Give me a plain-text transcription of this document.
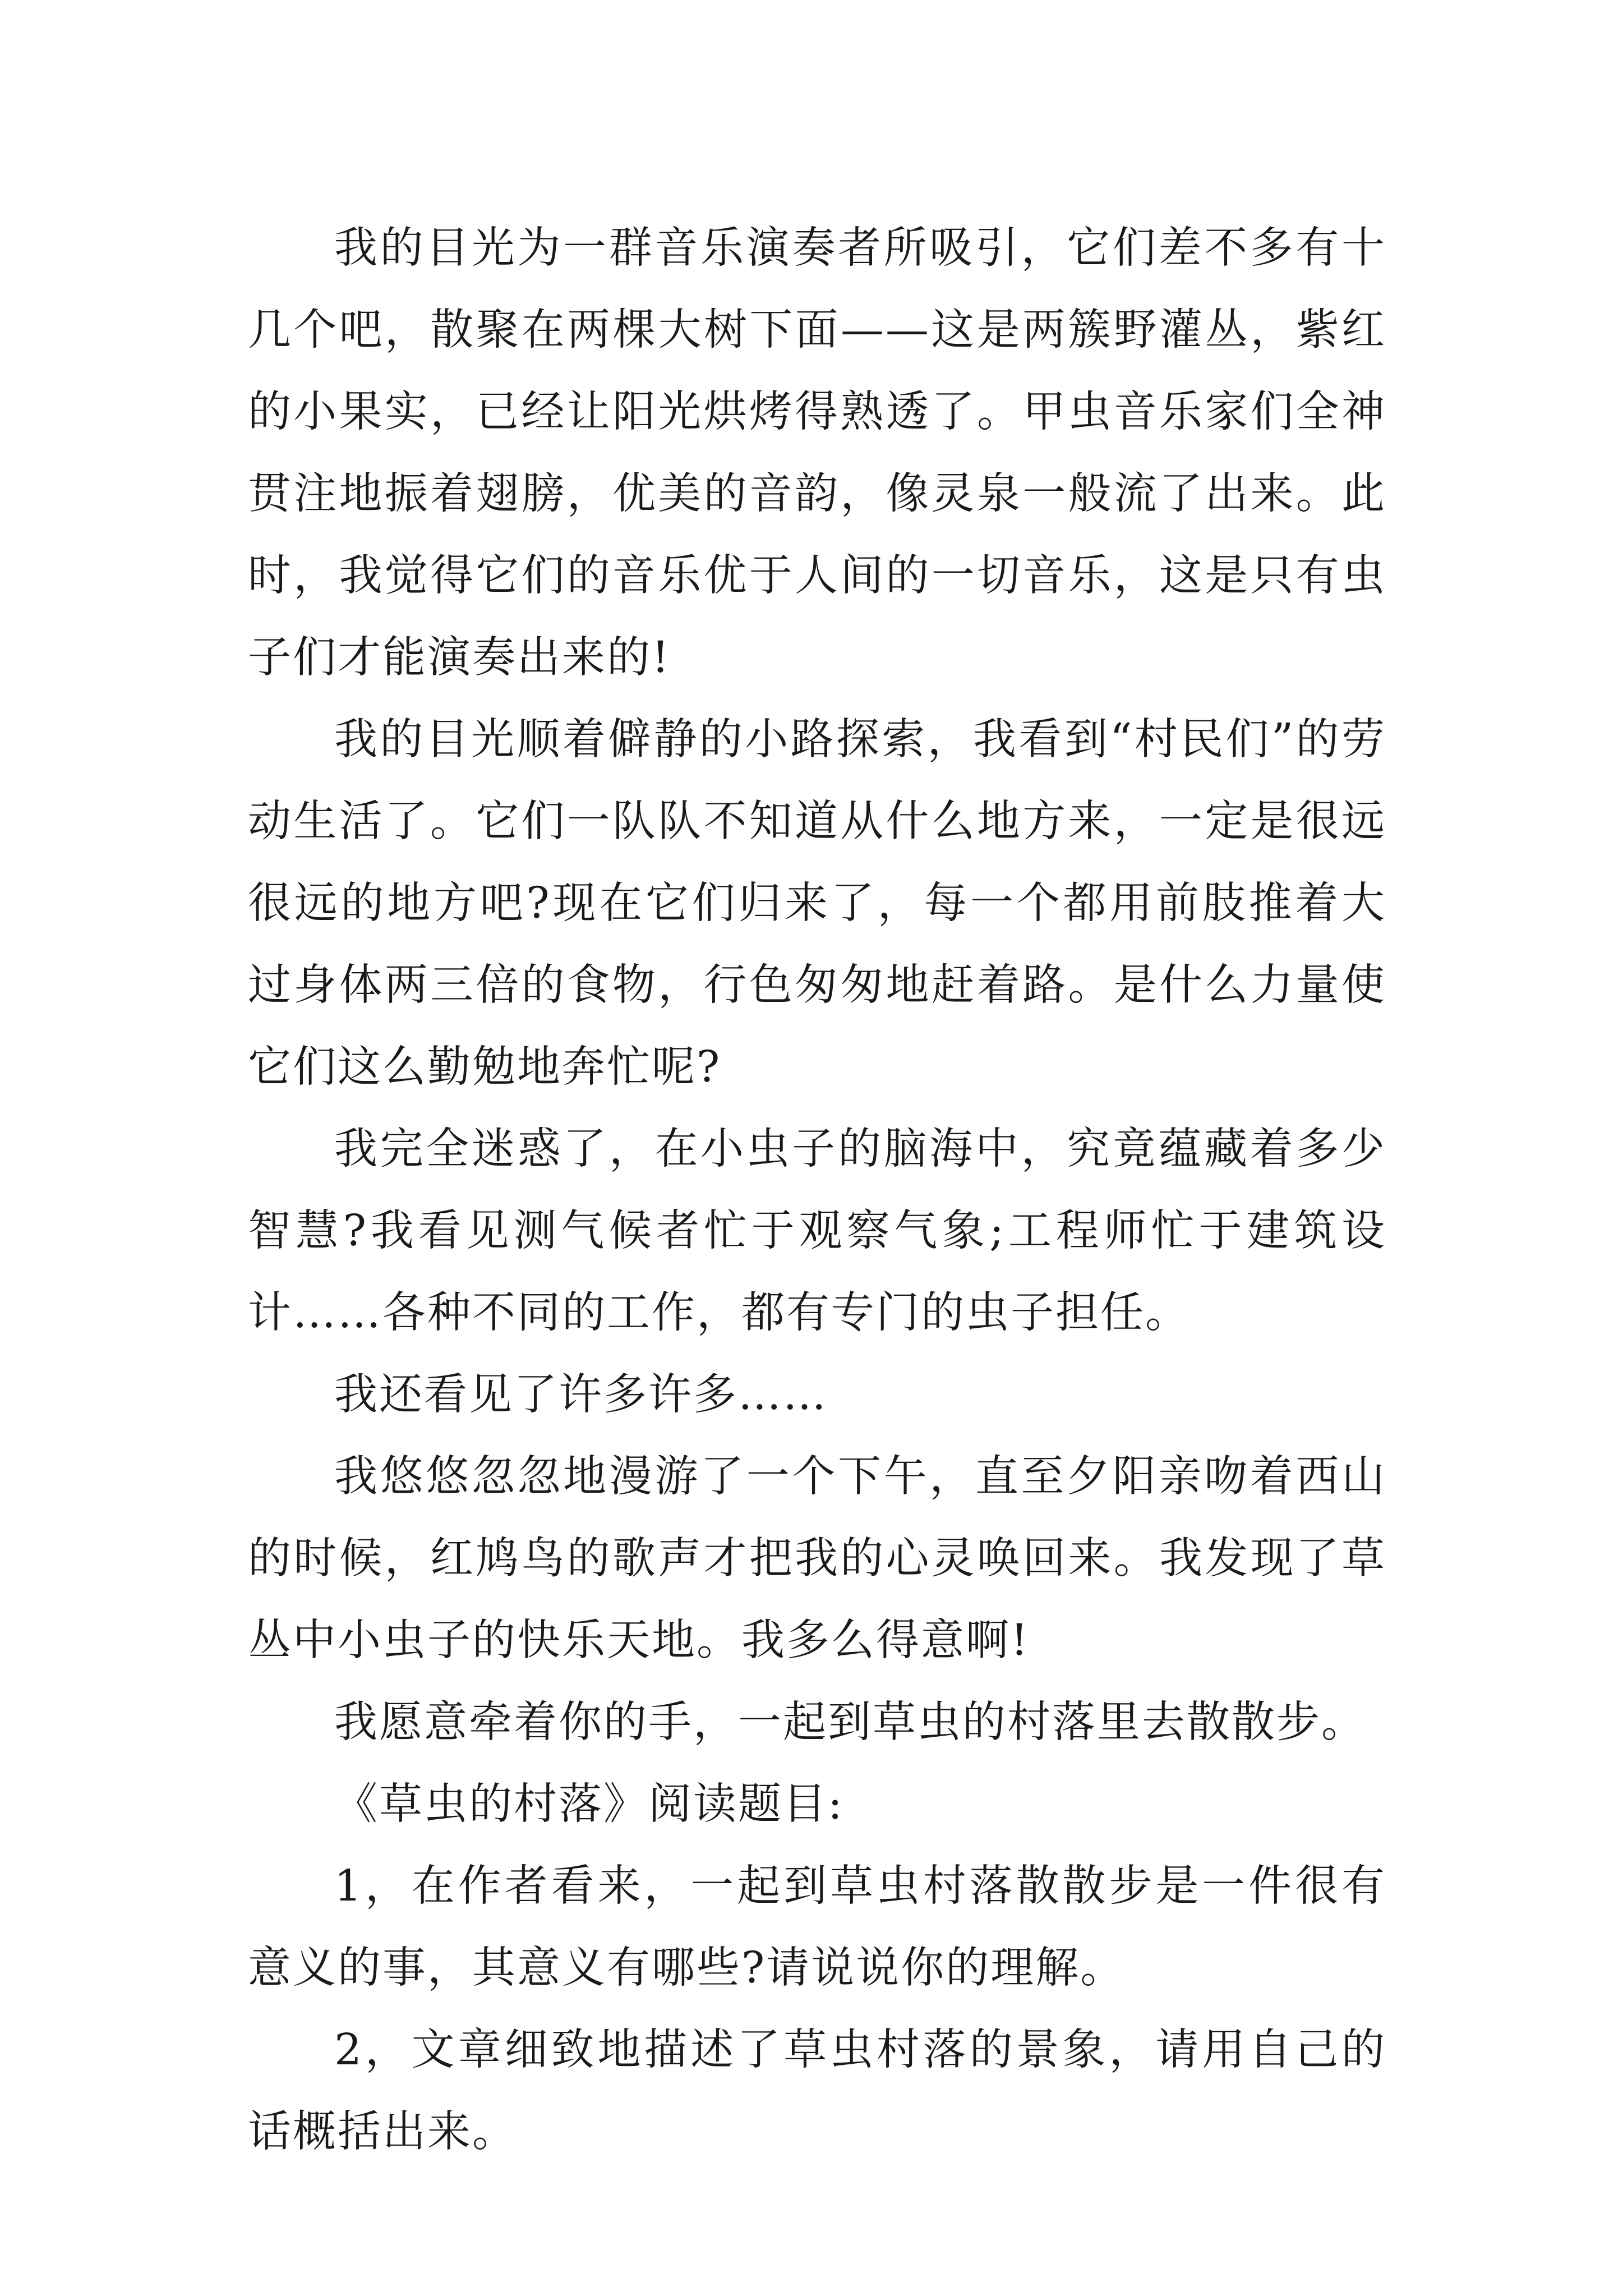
我的目光为一群音乐演奏者所吸引，它们差不多有十几个吧，散聚在两棵大树下面——这是两簇野灌丛，紫红的小果实，已经让阳光烘烤得熟透了。甲虫音乐家们全神贯注地振着翅膀，优美的音韵，像灵泉一般流了出来。此时，我觉得它们的音乐优于人间的一切音乐，这是只有虫子们才能演奏出来的!

我的目光顺着僻静的小路探索，我看到“村民们”的劳动生活了。它们一队队不知道从什么地方来，一定是很远很远的地方吧?现在它们归来了，每一个都用前肢推着大过身体两三倍的食物，行色匆匆地赶着路。是什么力量使它们这么勤勉地奔忙呢?

我完全迷惑了，在小虫子的脑海中，究竟蕴藏着多少智慧?我看见测气候者忙于观察气象;工程师忙于建筑设计……各种不同的工作，都有专门的虫子担任。

我还看见了许多许多……

我悠悠忽忽地漫游了一个下午，直至夕阳亲吻着西山的时候，红鸠鸟的歌声才把我的心灵唤回来。我发现了草丛中小虫子的快乐天地。我多么得意啊!

我愿意牵着你的手，一起到草虫的村落里去散散步。

《草虫的村落》阅读题目:

1，在作者看来，一起到草虫村落散散步是一件很有意义的事，其意义有哪些?请说说你的理解。

2，文章细致地描述了草虫村落的景象，请用自己的话概括出来。
